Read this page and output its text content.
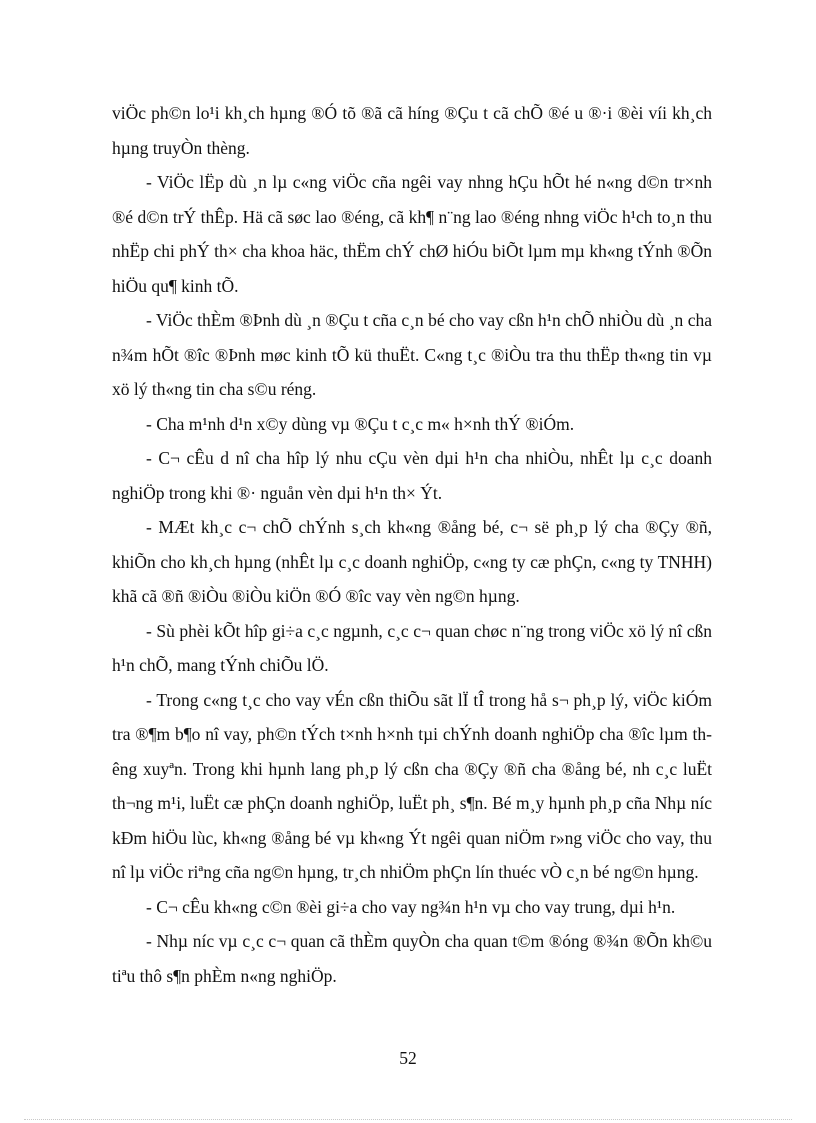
viÖc ph©n lo¹i kh¸ch hµng ®Ó tõ ®ã cã híng ®Çu t cã chÕ ®é u ®·i ®èi víi kh¸ch hµng truyÒn thèng.

- ViÖc lËp dù ¸n lµ c«ng viÖc cña ngêi vay nhng hÇu hÕt hé n«ng d©n tr×nh ®é d©n trÝ thÊp. Hä cã søc lao ®éng, cã kh¶ n¨ng lao ®éng nhng viÖc h¹ch to¸n thu nhËp chi phÝ th× cha khoa häc, thËm chÝ chØ hiÓu biÕt lµm mµ kh«ng tÝnh ®Õn hiÖu qu¶ kinh tÕ.

- ViÖc thÈm ®Þnh dù ¸n ®Çu t cña c¸n bé cho vay cßn h¹n chÕ nhiÒu dù ¸n cha n¾m hÕt ®îc ®Þnh møc kinh tÕ kü thuËt. C«ng t¸c ®iÒu tra thu thËp th«ng tin vµ xö lý th«ng tin cha s©u réng.

- Cha m¹nh d¹n x©y dùng vµ ®Çu t c¸c m« h×nh thÝ ®iÓm.

- C¬ cÊu d nî cha hîp lý nhu cÇu vèn dµi h¹n cha nhiÒu, nhÊt lµ c¸c doanh nghiÖp trong khi ®· nguån vèn dµi h¹n th× Ýt.

- MÆt kh¸c c¬ chÕ chÝnh s¸ch kh«ng ®ång bé, c¬ së ph¸p lý cha ®Çy ®ñ, khiÕn cho kh¸ch hµng (nhÊt lµ c¸c doanh nghiÖp, c«ng ty cæ phÇn, c«ng ty TNHH) khã cã ®ñ ®iÒu ®iÒu kiÖn ®Ó ®îc vay vèn ng©n hµng.

- Sù phèi kÕt hîp gi÷a c¸c ngµnh, c¸c c¬ quan chøc n¨ng trong viÖc xö lý nî cßn h¹n chÕ, mang tÝnh chiÕu lÖ.

- Trong c«ng t¸c cho vay vÉn cßn thiÕu sãt lÏ tÎ trong hå s¬ ph¸p lý, viÖc kiÓm tra ®¶m b¶o nî vay, ph©n tÝch t×nh h×nh tµi chÝnh doanh nghiÖp cha ®îc lµm thêng xuyªn. Trong khi hµnh lang ph¸p lý cßn cha ®Çy ®ñ cha ®ång bé, nh c¸c luËt th¬ng m¹i, luËt cæ phÇn doanh nghiÖp, luËt ph¸ s¶n. Bé m¸y hµnh ph¸p cña Nhµ níc kÐm hiÖu lùc, kh«ng ®ång bé vµ kh«ng Ýt ngêi quan niÖm r»ng viÖc cho vay, thu nî lµ viÖc riªng cña ng©n hµng, tr¸ch nhiÖm phÇn lín thuéc vÒ c¸n bé ng©n hµng.

- C¬ cÊu kh«ng c©n ®èi gi÷a cho vay ng¾n h¹n vµ cho vay trung, dµi h¹n.

- Nhµ níc vµ c¸c c¬ quan cã thÈm quyÒn cha quan t©m ®óng ®¾n ®Õn kh©u tiªu thô s¶n phÈm n«ng nghiÖp.

52
